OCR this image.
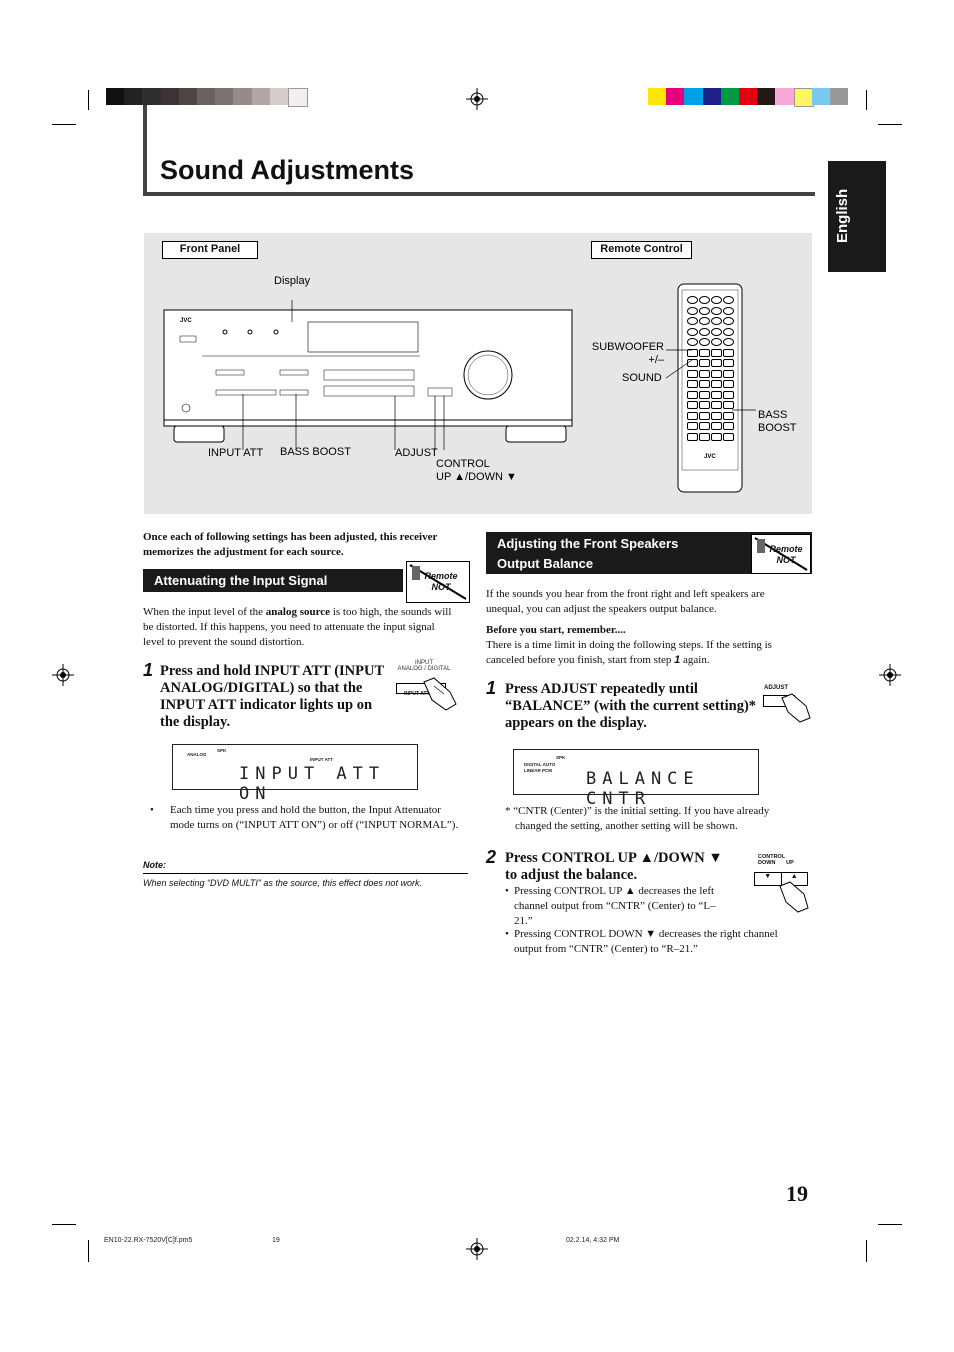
Sound Adjustments
English
Front Panel	Remote Control
JVC
JVC
Display
INPUT ATT BASS BOOST	ADJUST
CONTROL
UP ▲/DOWN ▼
SUBWOOFER
+/–
SOUND
BASS
BOOST
Once each of following settings has been adjusted, this receiver memorizes the adjustment for each source.
Attenuating the Input Signal	Remote
NOT
When the input level of the analog source is too high, the sounds will be distorted. If this happens, you need to attenuate the input signal level to prevent the sound distortion.
1 Press and hold INPUT ATT (INPUT ANALOG/DIGITAL) so that the INPUT ATT indicator lights up on the display.
INPUT
ANALOG / DIGITAL
INPUT ATT
ANALOG
SPK
INPUT ATT
INPUT ATT ON
• Each time you press and hold the button, the Input Attenuator mode turns on (“INPUT ATT ON”) or off (“INPUT NORMAL”).
Note:
When selecting “DVD MULTI” as the source, this effect does not work.
Adjusting the Front Speakers
Output Balance
Remote
NOT
If the sounds you hear from the front right and left speakers are unequal, you can adjust the speakers output balance.
Before you start, remember....
There is a time limit in doing the following steps. If the setting is canceled before you finish, start from step 1 again.
1 Press ADJUST repeatedly until “BALANCE” (with the current setting)* appears on the display.
ADJUST
DIGITAL AUTO
LINEAR PCM
SPK
BALANCE CNTR
* “CNTR (Center)” is the initial setting. If you have already changed the setting, another setting will be shown.
2 Press CONTROL UP ▲/DOWN ▼ to adjust the balance.
CONTROL
DOWN       UP
▼	▲
• Pressing CONTROL UP ▲ decreases the left channel output from “CNTR” (Center) to “L–21.”
• Pressing CONTROL DOWN ▼ decreases the right channel output from “CNTR” (Center) to “R–21.”
19
EN10-22.RX-7520V[C]f.pm5	19	02.2.14, 4:32 PM
